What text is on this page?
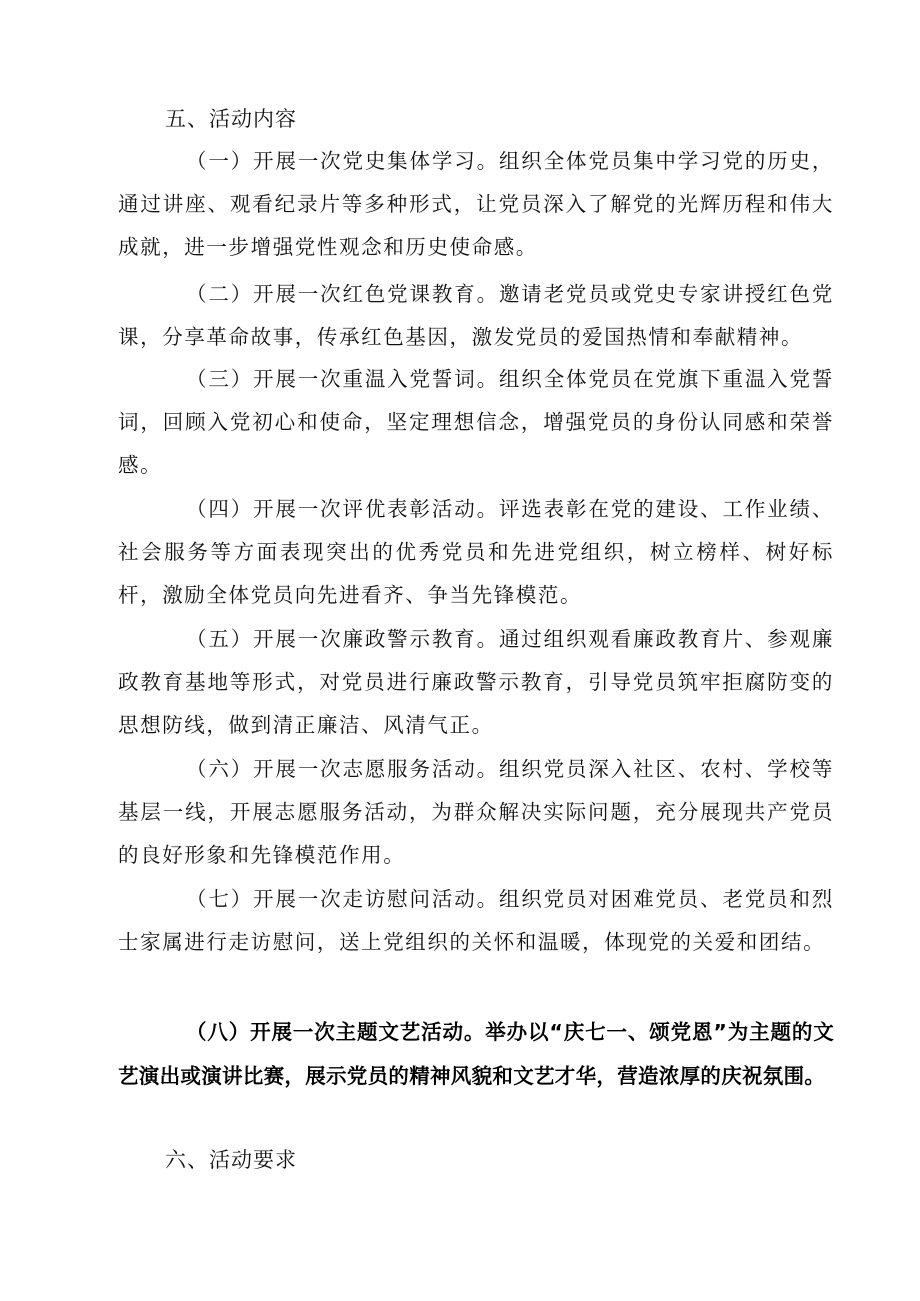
五、活动内容

（一）开展一次党史集体学习。组织全体党员集中学习党的历史，通过讲座、观看纪录片等多种形式，让党员深入了解党的光辉历程和伟大成就，进一步增强党性观念和历史使命感。

（二）开展一次红色党课教育。邀请老党员或党史专家讲授红色党课，分享革命故事，传承红色基因，激发党员的爱国热情和奉献精神。

（三）开展一次重温入党誓词。组织全体党员在党旗下重温入党誓词，回顾入党初心和使命，坚定理想信念，增强党员的身份认同感和荣誉感。

（四）开展一次评优表彰活动。评选表彰在党的建设、工作业绩、社会服务等方面表现突出的优秀党员和先进党组织，树立榜样、树好标杆，激励全体党员向先进看齐、争当先锋模范。

（五）开展一次廉政警示教育。通过组织观看廉政教育片、参观廉政教育基地等形式，对党员进行廉政警示教育，引导党员筑牢拒腐防变的思想防线，做到清正廉洁、风清气正。

（六）开展一次志愿服务活动。组织党员深入社区、农村、学校等基层一线，开展志愿服务活动，为群众解决实际问题，充分展现共产党员的良好形象和先锋模范作用。

（七）开展一次走访慰问活动。组织党员对困难党员、老党员和烈士家属进行走访慰问，送上党组织的关怀和温暖，体现党的关爱和团结。

（八）开展一次主题文艺活动。举办以“庆七一、颂党恩”为主题的文艺演出或演讲比赛，展示党员的精神风貌和文艺才华，营造浓厚的庆祝氛围。

六、活动要求
